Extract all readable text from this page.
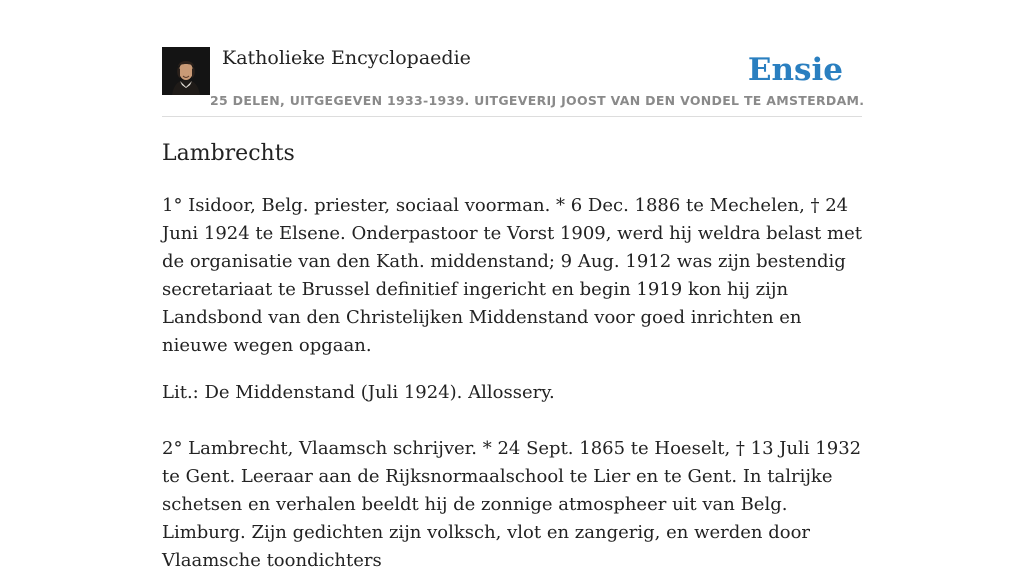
Katholieke Encyclopaedie	Ensie
25 DELEN, UITGEGEVEN 1933-1939. UITGEVERIJ JOOST VAN DEN VONDEL TE AMSTERDAM.
Lambrechts

1° Isidoor, Belg. priester, sociaal voorman. * 6 Dec. 1886 te Mechelen, † 24 Juni 1924 te Elsene. Onderpastoor te Vorst 1909, werd hij weldra belast met de organisatie van den Kath. middenstand; 9 Aug. 1912 was zijn bestendig secretariaat te Brussel definitief ingericht en begin 1919 kon hij zijn Landsbond van den Christelijken Middenstand voor goed inrichten en nieuwe wegen opgaan.

Lit.: De Middenstand (Juli 1924). Allossery.

2° Lambrecht, Vlaamsch schrijver. * 24 Sept. 1865 te Hoeselt, † 13 Juli 1932 te Gent. Leeraar aan de Rijksnormaalschool te Lier en te Gent. In talrijke schetsen en verhalen beeldt hij de zonnige atmospheer uit van Belg. Limburg. Zijn gedichten zijn volksch, vlot en zangerig, en werden door Vlaamsche toondichters
